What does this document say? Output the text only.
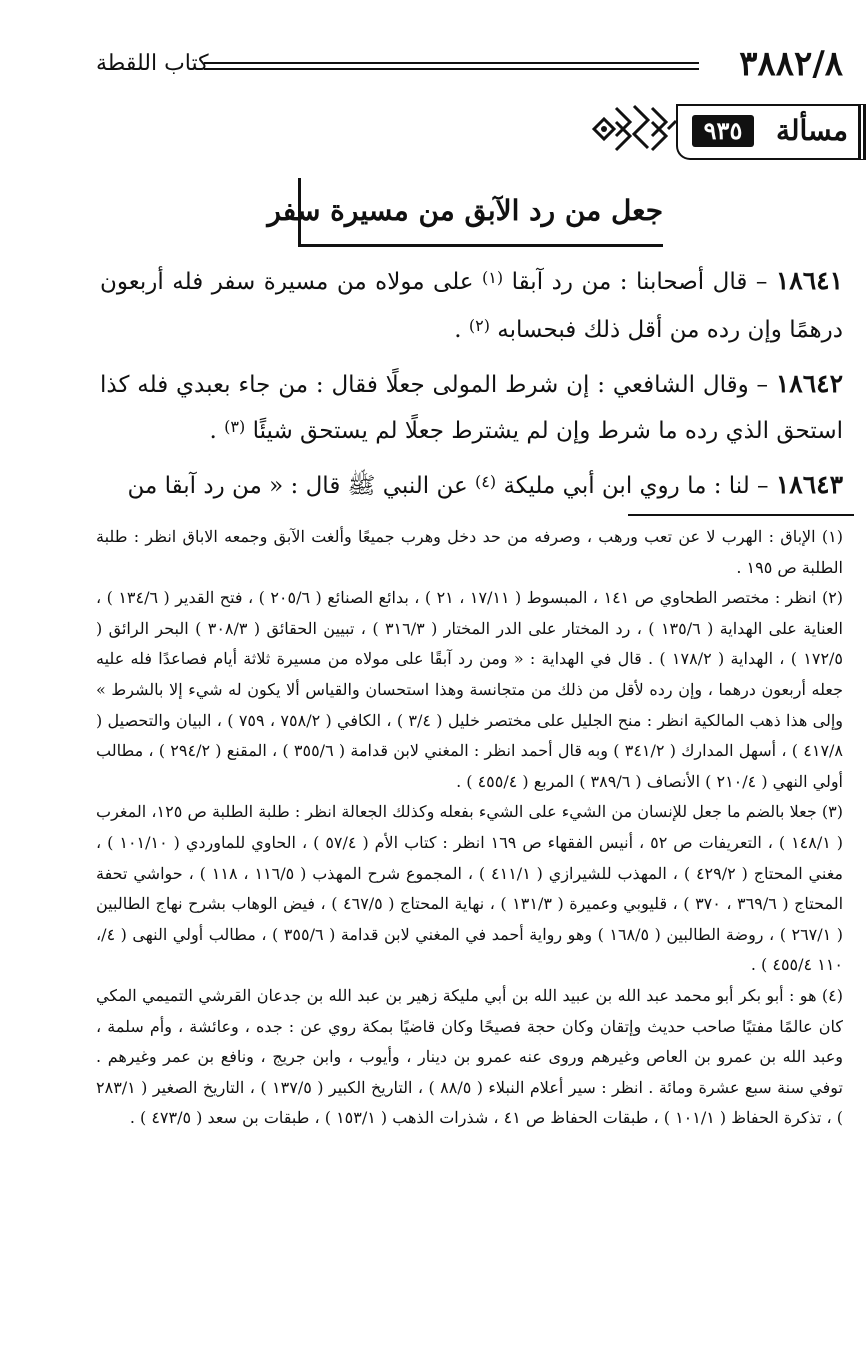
٣٨٨٢/٨
كتاب اللقطة
مسألة
٩٣٥
جعل من رد الآبق من مسيرة سفر

١٨٦٤١ – قال أصحابنا : من رد آبقا $^{(١)}$ على مولاه من مسيرة سفر فله أربعون درهمًا وإن رده من أقل ذلك فبحسابه $^{(٢)}$ .

١٨٦٤٢ – وقال الشافعي : إن شرط المولى جعلًا فقال : من جاء بعبدي فله كذا استحق الذي رده ما شرط وإن لم يشترط جعلًا لم يستحق شيئًا $^{(٣)}$ .

١٨٦٤٣ – لنا : ما روي ابن أبي مليكة $^{(٤)}$ عن النبي ﷺ قال : « من رد آبقا من

(١) الإباق : الهرب لا عن تعب ورهب ، وصرفه من حد دخل وهرب جميعًا وألغت الآبق وجمعه الاباق انظر : طلبة الطلبة ص ١٩٥ .

(٢) انظر : مختصر الطحاوي ص ١٤١ ، المبسوط ( ١٧/١١ ، ٢١ ) ، بدائع الصنائع ( ٢٠٥/٦ ) ، فتح القدير ( ١٣٤/٦ ) ، العناية على الهداية ( ١٣٥/٦ ) ، رد المختار على الدر المختار ( ٣١٦/٣ ) ، تبيين الحقائق ( ٣٠٨/٣ ) البحر الرائق ( ١٧٢/٥ ) ، الهداية ( ١٧٨/٢ ) . قال في الهداية : « ومن رد آبقًا على مولاه من مسيرة ثلاثة أيام فصاعدًا فله عليه جعله أربعون درهما ، وإن رده لأقل من ذلك من متجانسة وهذا استحسان والقياس ألا يكون له شيء إلا بالشرط » وإلى هذا ذهب المالكية انظر : منح الجليل على مختصر خليل ( ٣/٤ ) ، الكافي ( ٧٥٨/٢ ، ٧٥٩ ) ، البيان والتحصيل ( ٤١٧/٨ ) ، أسهل المدارك ( ٣٤١/٢ ) وبه قال أحمد انظر : المغني لابن قدامة ( ٣٥٥/٦ ) ، المقنع ( ٢٩٤/٢ ) ، مطالب أولي النهي ( ٢١٠/٤ ) الأنصاف ( ٣٨٩/٦ ) المربع ( ٤٥٥/٤ ) .

(٣) جعلا بالضم ما جعل للإنسان من الشيء على الشيء بفعله وكذلك الجعالة انظر : طلبة الطلبة ص ١٢٥، المغرب ( ١٤٨/١ ) ، التعريفات ص ٥٢ ، أنيس الفقهاء ص ١٦٩ انظر : كتاب الأم ( ٥٧/٤ ) ، الحاوي للماوردي ( ١٠١/١٠ ) ، مغني المحتاج ( ٤٢٩/٢ ) ، المهذب للشيرازي ( ٤١١/١ ) ، المجموع شرح المهذب ( ١١٦/٥ ، ١١٨ ) ، حواشي تحفة المحتاج ( ٣٦٩/٦ ، ٣٧٠ ) ، قليوبي وعميرة ( ١٣١/٣ ) ، نهاية المحتاج ( ٤٦٧/٥ ) ، فيض الوهاب بشرح نهاج الطالبين ( ٢٦٧/١ ) ، روضة الطالبين ( ١٦٨/٥ ) وهو رواية أحمد في المغني لابن قدامة ( ٣٥٥/٦ ) ، مطالب أولي النهى ( ٤/، ١١٠ ٤٥٥/٤ ) .

(٤) هو : أبو بكر أبو محمد عبد الله بن عبيد الله بن أبي مليكة زهير بن عبد الله بن جدعان القرشي التميمي المكي كان عالمًا مفتيًا صاحب حديث وإتقان وكان حجة فصيحًا وكان قاضيًا بمكة روي عن : جده ، وعائشة ، وأم سلمة ، وعبد الله بن عمرو بن العاص وغيرهم وروى عنه عمرو بن دينار ، وأيوب ، وابن جريج ، ونافع بن عمر وغيرهم . توفي سنة سبع عشرة ومائة . انظر : سير أعلام النبلاء ( ٨٨/٥ ) ، التاريخ الكبير ( ١٣٧/٥ ) ، التاريخ الصغير ( ٢٨٣/١ ) ، تذكرة الحفاظ ( ١٠١/١ ) ، طبقات الحفاظ ص ٤١ ، شذرات الذهب ( ١٥٣/١ ) ، طبقات بن سعد ( ٤٧٣/٥ ) .
